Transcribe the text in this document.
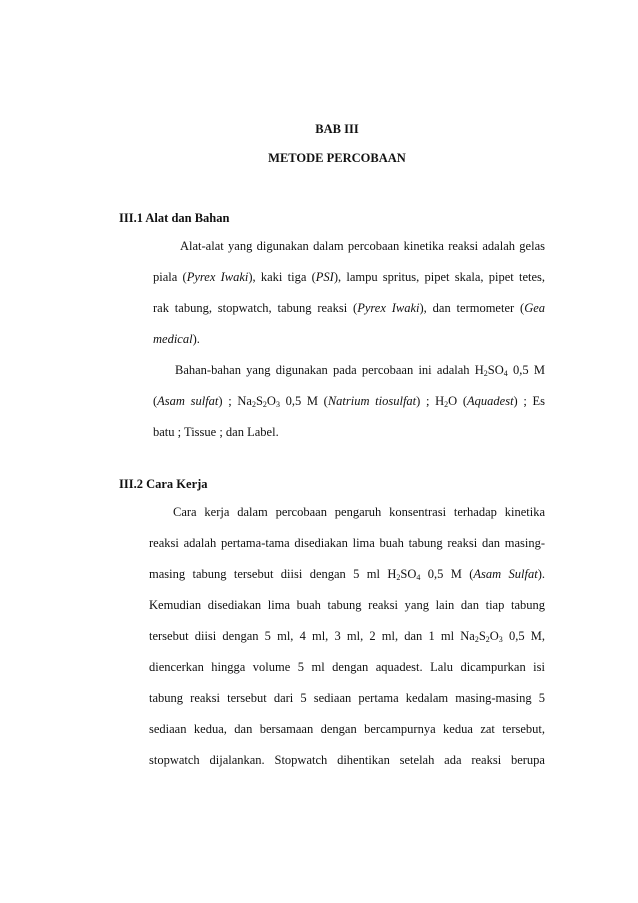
BAB III
METODE PERCOBAAN
III.1 Alat dan Bahan
Alat-alat yang digunakan dalam percobaan kinetika reaksi adalah gelas
piala (Pyrex Iwaki), kaki tiga (PSI), lampu spritus, pipet skala, pipet tetes,
rak tabung, stopwatch, tabung reaksi (Pyrex Iwaki), dan termometer (Gea
medical).
Bahan-bahan yang digunakan pada percobaan ini adalah $H_2SO_4$ 0,5 M
(Asam sulfat) ; $Na_2S_2O_3$ 0,5 M (Natrium tiosulfat) ; $H_2O$ (Aquadest) ; Es
batu ; Tissue ; dan Label.
III.2 Cara Kerja
Cara kerja dalam percobaan pengaruh konsentrasi terhadap kinetika
reaksi adalah pertama-tama disediakan lima buah tabung reaksi dan masing-
masing tabung tersebut diisi dengan 5 ml $H_2SO_4$ 0,5 M (Asam Sulfat).
Kemudian disediakan lima buah tabung reaksi yang lain dan tiap tabung
tersebut diisi dengan 5 ml, 4 ml, 3 ml, 2 ml, dan 1 ml $Na_2S_2O_3$ 0,5 M,
diencerkan hingga volume 5 ml dengan aquadest. Lalu dicampurkan isi
tabung reaksi tersebut dari 5 sediaan pertama kedalam masing-masing 5
sediaan kedua, dan bersamaan dengan bercampurnya kedua zat tersebut,
stopwatch dijalankan. Stopwatch dihentikan setelah ada reaksi berupa
